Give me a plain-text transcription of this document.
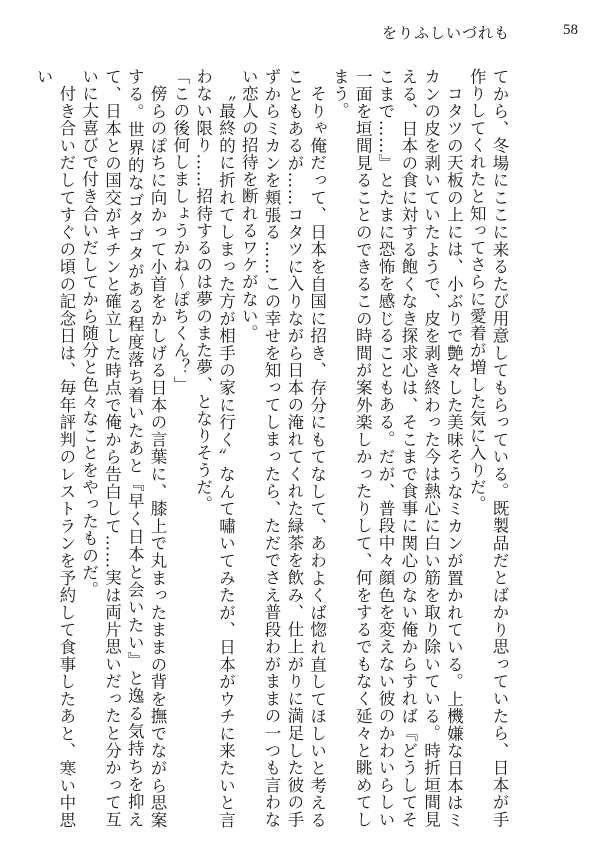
をりふしいづれも	58

てから、冬場にここに来るたび用意してもらっている。既製品だとばかり思っていたら、日本が手作りしてくれたと知ってさらに愛着が増した気に入りだ。

コタツの天板の上には、小ぶりで艶々した美味そうなミカンが置かれている。上機嫌な日本はミカンの皮を剥いていたようで、皮を剥き終わった今は熱心に白い筋を取り除いている。時折垣間見える、日本の食に対する飽くなき探求心は、そこまで食事に関心のない俺からすれば『どうしてそこまで……』とたまに恐怖を感じることもある。だが、普段中々顔色を変えない彼のかわいらしい一面を垣間見ることのできるこの時間が案外楽しかったりして、何をするでもなく延々と眺めてしまう。

そりゃ俺だって、日本を自国に招き、存分にもてなして、あわよくば惚れ直してほしいと考えることもあるが……コタツに入りながら日本の淹れてくれた緑茶を飲み、仕上がりに満足した彼の手ずからミカンを頬張る……この幸せを知ってしまったら、ただでさえ普段わがままの一つも言わない恋人の招待を断れるワケがない。

〝最終的に折れてしまった方が相手の家に行く〟なんて嘯いてみたが、日本がウチに来たいと言わない限り……招待するのは夢のまた夢、となりそうだ。

「この後何しましょうかね～ぽちくん？」

傍らのぽちに向かって小首をかしげる日本の言葉に、膝上で丸まったままの背を撫でながら思案する。世界的なゴタゴタがある程度落ち着いたあと『早く日本と会いたい』と逸る気持ちを抑えて、日本との国交がキチンと確立した時点で俺から告白して……実は両片思いだったと分かって互いに大喜びで付き合いだしてから随分と色々なことをやったものだ。

付き合いだしてすぐの頃の記念日は、毎年評判のレストランを予約して食事したあと、寒い中思い
